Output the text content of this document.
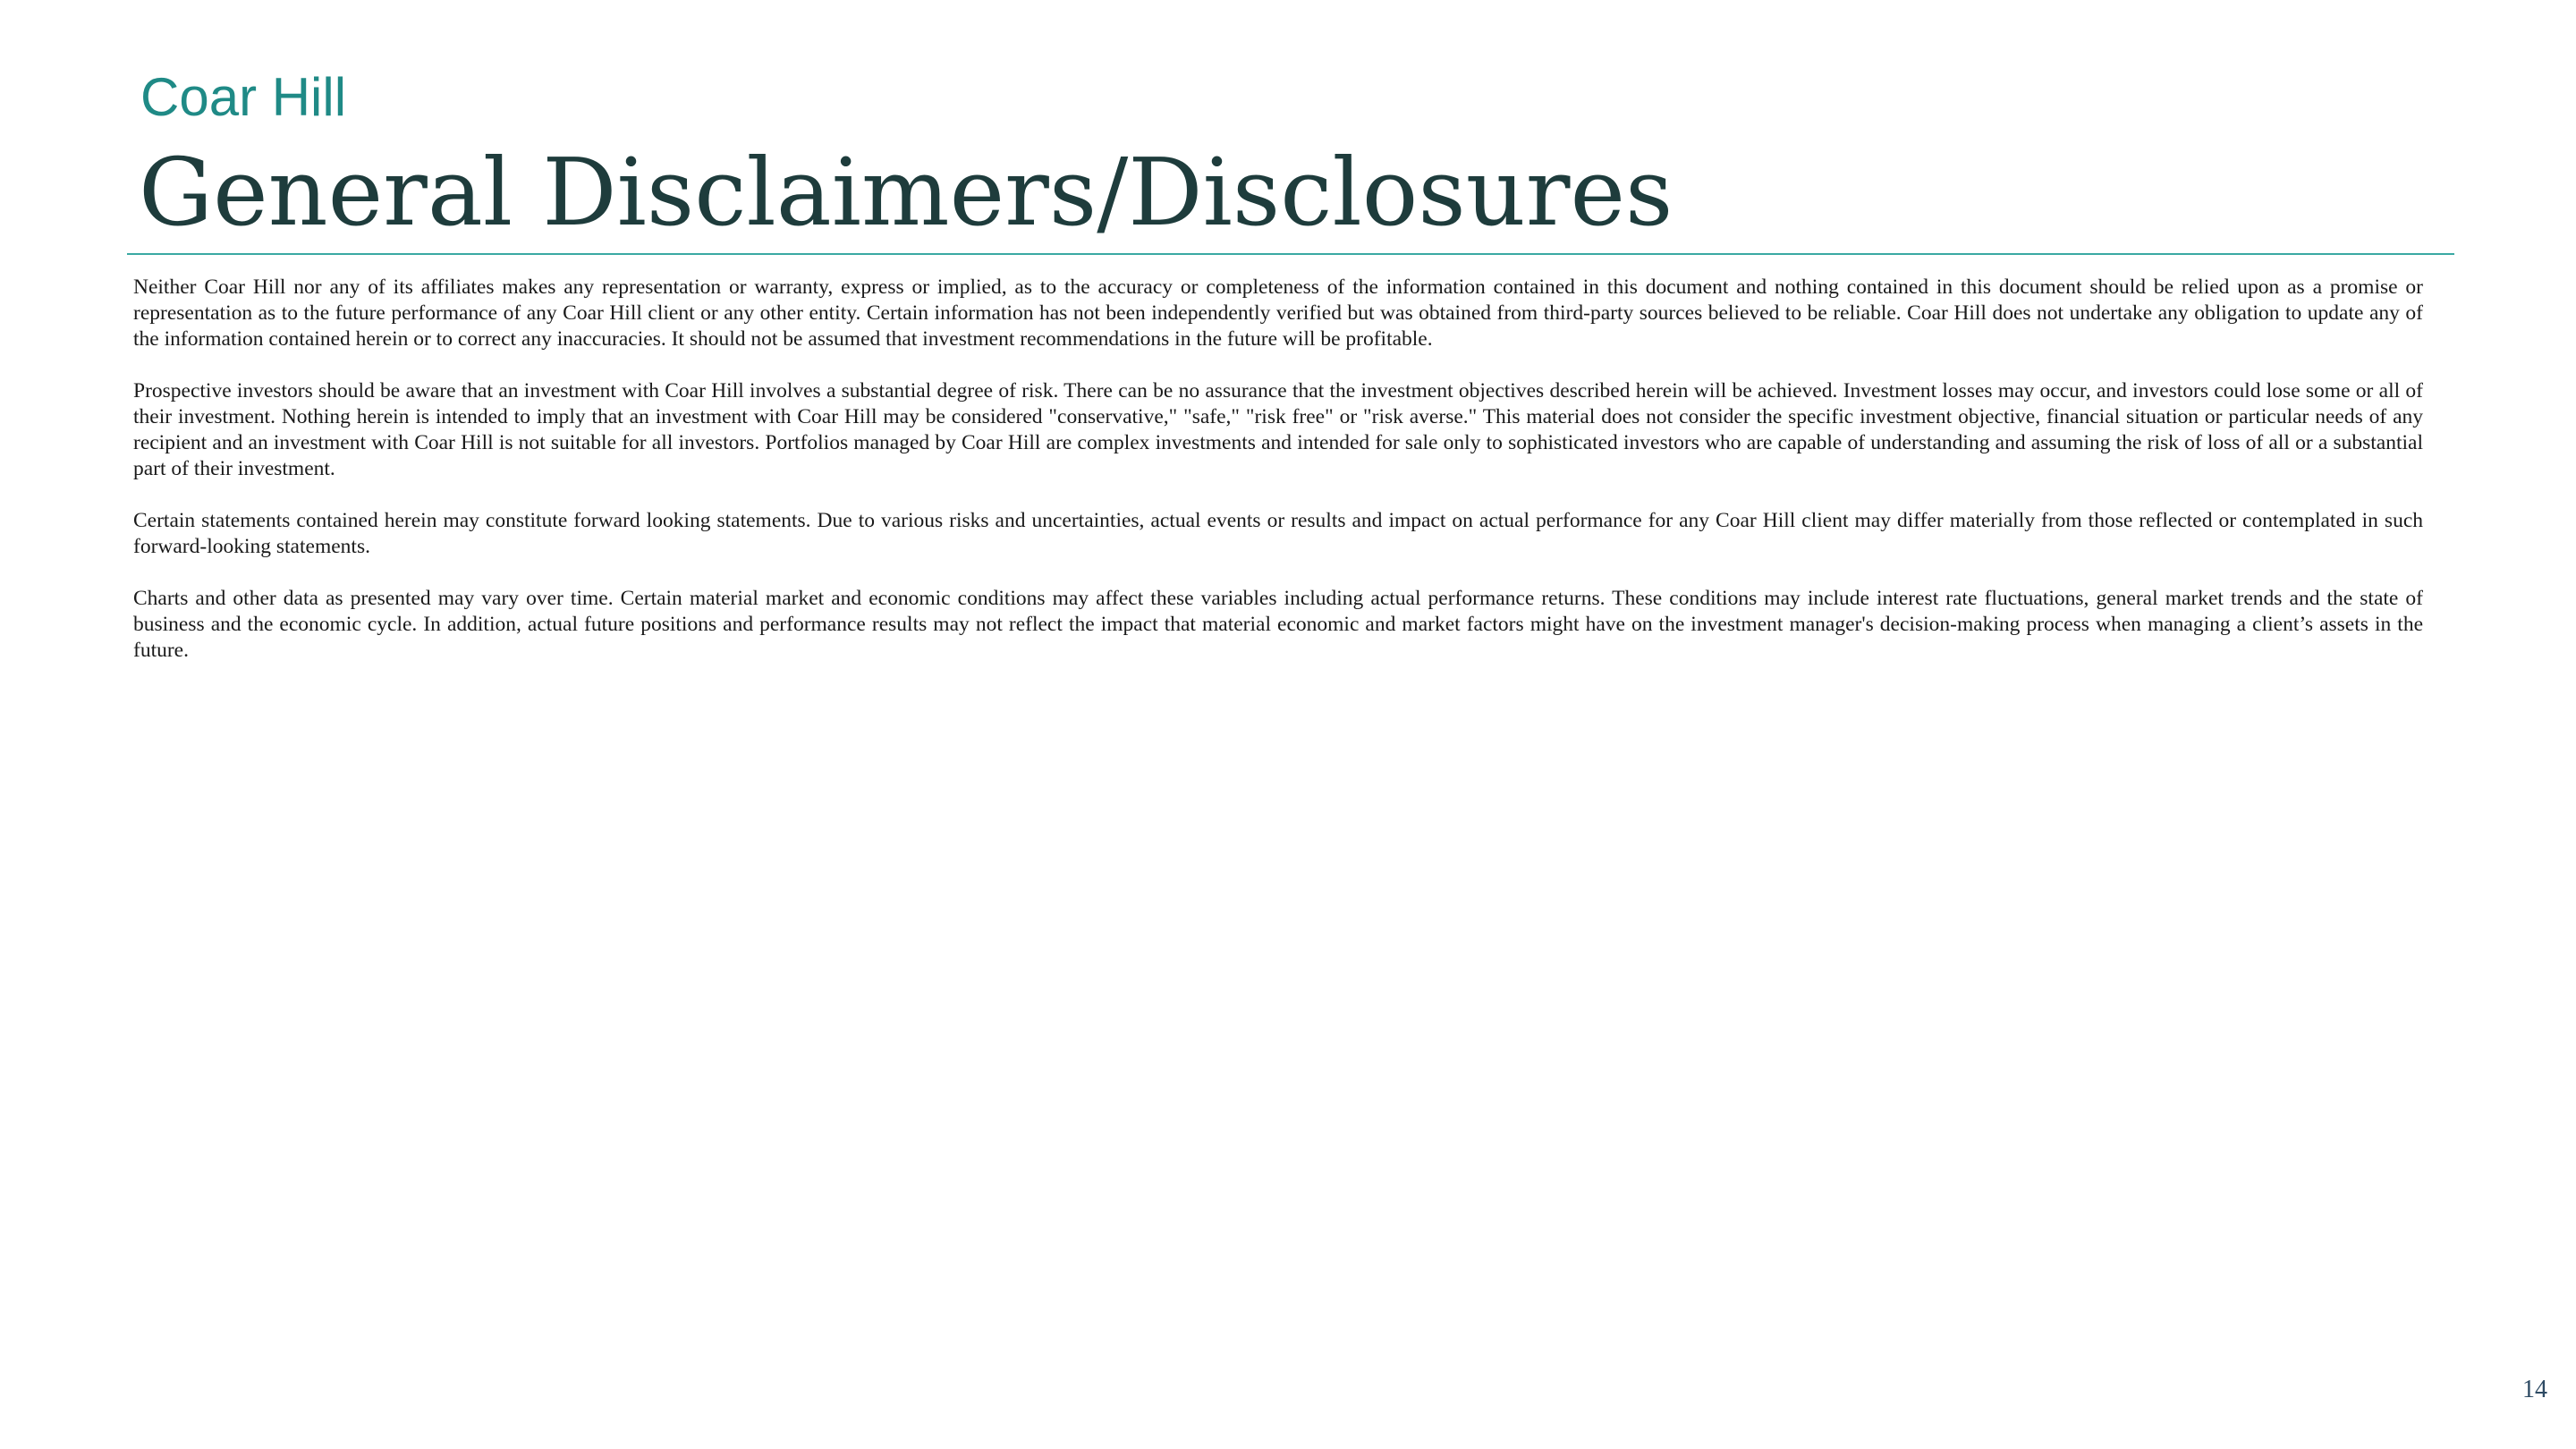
Coar Hill
General Disclaimers/Disclosures

Neither Coar Hill nor any of its affiliates makes any representation or warranty, express or implied, as to the accuracy or completeness of the information contained in this document and nothing contained in this document should be relied upon as a promise or representation as to the future performance of any Coar Hill client or any other entity. Certain information has not been independently verified but was obtained from third-party sources believed to be reliable. Coar Hill does not undertake any obligation to update any of the information contained herein or to correct any inaccuracies. It should not be assumed that investment recommendations in the future will be profitable.

Prospective investors should be aware that an investment with Coar Hill involves a substantial degree of risk. There can be no assurance that the investment objectives described herein will be achieved. Investment losses may occur, and investors could lose some or all of their investment. Nothing herein is intended to imply that an investment with Coar Hill may be considered "conservative," "safe," "risk free" or "risk averse." This material does not consider the specific investment objective, financial situation or particular needs of any recipient and an investment with Coar Hill is not suitable for all investors. Portfolios managed by Coar Hill are complex investments and intended for sale only to sophisticated investors who are capable of understanding and assuming the risk of loss of all or a substantial part of their investment.

Certain statements contained herein may constitute forward looking statements. Due to various risks and uncertainties, actual events or results and impact on actual performance for any Coar Hill client may differ materially from those reflected or contemplated in such forward-looking statements.

Charts and other data as presented may vary over time. Certain material market and economic conditions may affect these variables including actual performance returns. These conditions may include interest rate fluctuations, general market trends and the state of business and the economic cycle. In addition, actual future positions and performance results may not reflect the impact that material economic and market factors might have on the investment manager's decision-making process when managing a client’s assets in the future.

14
